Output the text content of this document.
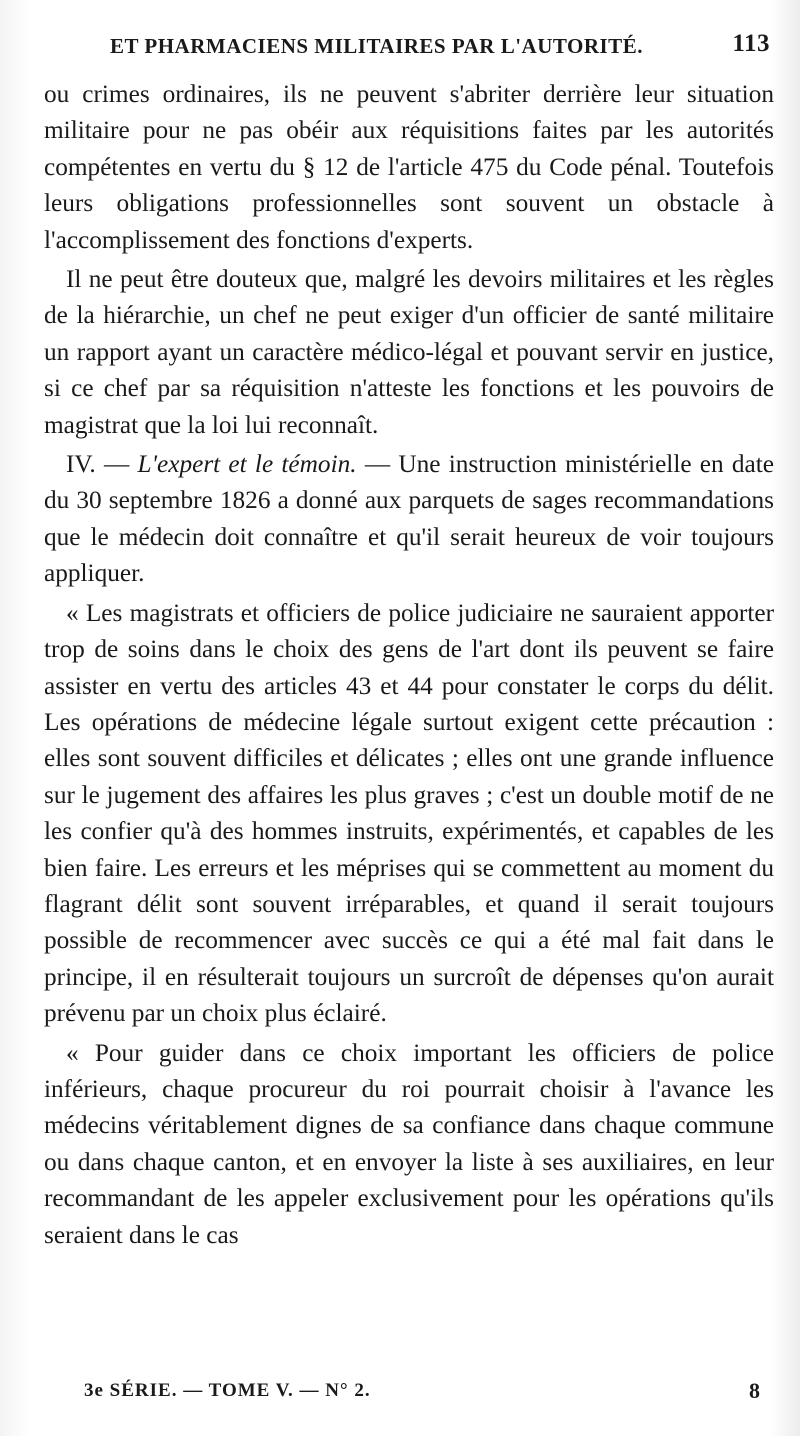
ET PHARMACIENS MILITAIRES PAR L'AUTORITÉ.	113

ou crimes ordinaires, ils ne peuvent s'abriter derrière leur situation militaire pour ne pas obéir aux réquisitions faites par les autorités compétentes en vertu du § 12 de l'article 475 du Code pénal. Toutefois leurs obligations professionnelles sont souvent un obstacle à l'accomplissement des fonctions d'experts.

Il ne peut être douteux que, malgré les devoirs militaires et les règles de la hiérarchie, un chef ne peut exiger d'un officier de santé militaire un rapport ayant un caractère médico-légal et pouvant servir en justice, si ce chef par sa réquisition n'atteste les fonctions et les pouvoirs de magistrat que la loi lui reconnaît.

IV. — L'expert et le témoin. — Une instruction ministérielle en date du 30 septembre 1826 a donné aux parquets de sages recommandations que le médecin doit connaître et qu'il serait heureux de voir toujours appliquer.

« Les magistrats et officiers de police judiciaire ne sauraient apporter trop de soins dans le choix des gens de l'art dont ils peuvent se faire assister en vertu des articles 43 et 44 pour constater le corps du délit. Les opérations de médecine légale surtout exigent cette précaution : elles sont souvent difficiles et délicates ; elles ont une grande influence sur le jugement des affaires les plus graves ; c'est un double motif de ne les confier qu'à des hommes instruits, expérimentés, et capables de les bien faire. Les erreurs et les méprises qui se commettent au moment du flagrant délit sont souvent irréparables, et quand il serait toujours possible de recommencer avec succès ce qui a été mal fait dans le principe, il en résulterait toujours un surcroît de dépenses qu'on aurait prévenu par un choix plus éclairé.

« Pour guider dans ce choix important les officiers de police inférieurs, chaque procureur du roi pourrait choisir à l'avance les médecins véritablement dignes de sa confiance dans chaque commune ou dans chaque canton, et en envoyer la liste à ses auxiliaires, en leur recommandant de les appeler exclusivement pour les opérations qu'ils seraient dans le cas

3e SÉRIE. — TOME V. — N° 2.	8
